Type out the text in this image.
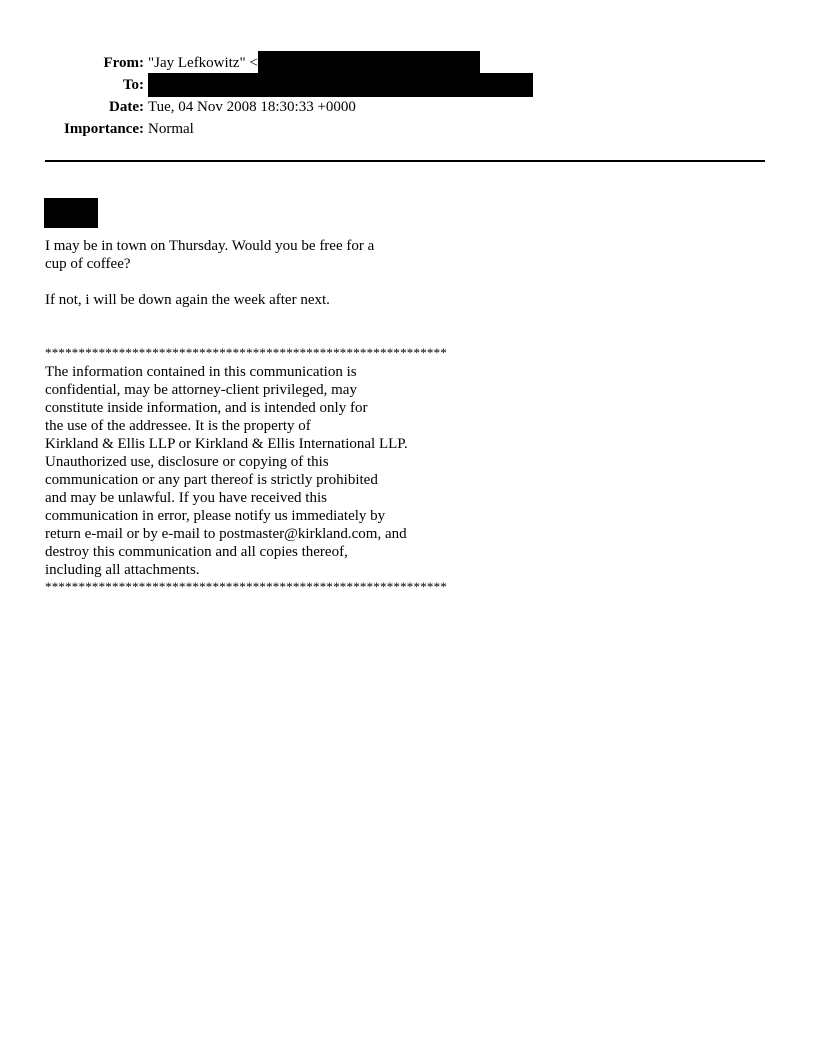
From: "Jay Lefkowitz" <
To:
Date: Tue, 04 Nov 2008 18:30:33 +0000
Importance: Normal
I may be in town on Thursday. Would you be free for a
cup of coffee?
If not, i will be down again the week after next.
************************************************************
The information contained in this communication is
confidential, may be attorney-client privileged, may
constitute inside information, and is intended only for
the use of the addressee. It is the property of
Kirkland & Ellis LLP or Kirkland & Ellis International LLP.
Unauthorized use, disclosure or copying of this
communication or any part thereof is strictly prohibited
and may be unlawful. If you have received this
communication in error, please notify us immediately by
return e-mail or by e-mail to postmaster@kirkland.com, and
destroy this communication and all copies thereof,
including all attachments.
************************************************************
